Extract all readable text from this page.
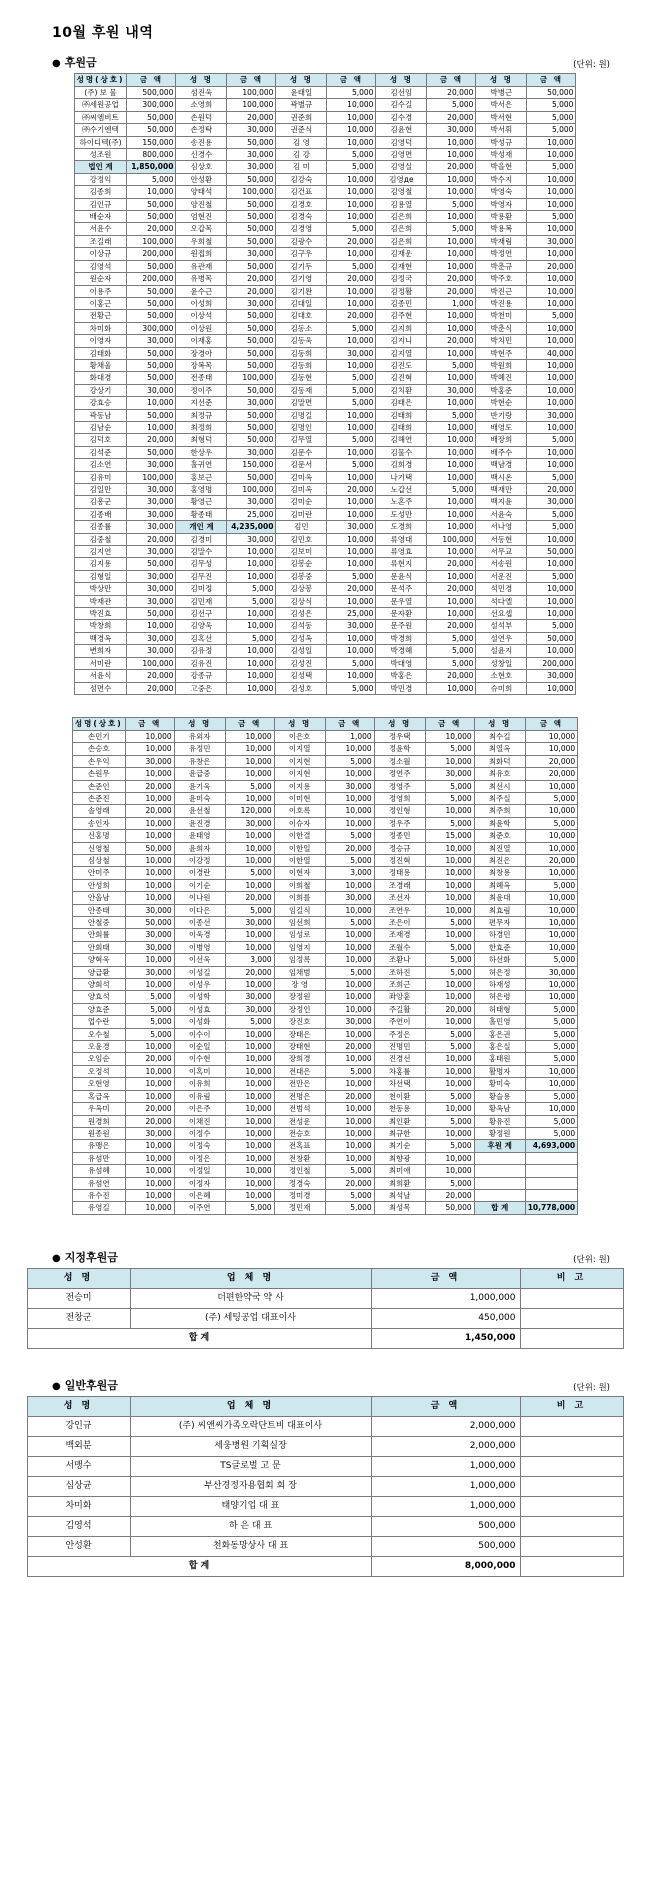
10월 후원 내역
● 후원금	(단위: 원)
성명(상호)	금 액	성 명	금 액	성 명	금 액	성 명	금 액	성 명	금 액
(주) 보 물	500,000	섬진욱	100,000	윤태일	5,000	김선임	20,000	박병근	50,000
㈜세원공업	300,000	소영희	100,000	곽별규	10,000	김수길	5,000	박서은	5,000
㈜씨엠비트	50,000	손원덕	20,000	권준희	10,000	김수경	20,000	박서현	5,000
㈜수기엔텍	50,000	손정탁	30,000	권준식	10,000	김윤현	30,000	박서휘	5,000
하이디텍(주)	150,000	송진용	50,000	김 영	10,000	김영덕	10,000	박성규	10,000
성조원	800,000	신경수	30,000	김 강	5,000	김영면	10,000	박성재	10,000
법인 계	1,850,000	심상호	30,000	김 미	5,000	김영실	20,000	박을현	5,000
강정익	5,000	안성환	50,000	김강숙	10,000	김영де	10,000	박수지	10,000
김종희	10,000	양태석	100,000	김건표	10,000	김영철	10,000	박영숙	10,000
김인규	50,000	양진철	50,000	김경호	10,000	김용열	5,000	박영자	10,000
배순자	50,000	엄현진	50,000	김경숙	10,000	김은희	10,000	박용환	5,000
서윤수	20,000	오갑목	50,000	김경영	5,000	김은희	5,000	박용복	10,000
조길래	100,000	우희철	50,000	김광수	20,000	김은희	10,000	박재림	30,000
이상규	200,000	원접희	30,000	김구우	10,000	김재운	10,000	박정연	10,000
김영석	50,000	유관재	50,000	김기두	5,000	김재현	10,000	박춘규	20,000
원순자	200,000	유병목	20,000	김기영	20,000	김정국	20,000	박주호	10,000
이용주	50,000	윤수근	20,000	김기완	10,000	김정활	20,000	박진근	10,000
이홍근	50,000	이성희	30,000	김대일	10,000	김종민	1,000	박진용	10,000
전황근	50,000	이상석	50,000	김대호	20,000	김주현	10,000	박천미	5,000
차미화	300,000	이상원	50,000	김동소	5,000	김지희	10,000	박춘식	10,000
이영자	30,000	이재홍	50,000	김동욱	10,000	김지니	20,000	박치민	10,000
김태화	50,000	장경아	50,000	김동희	30,000	김지열	10,000	박현주	40,000
황채울	50,000	장복목	50,000	김동희	10,000	김진도	5,000	박원희	10,000
화대경	50,000	전종태	100,000	김동현	5,000	김진혁	10,000	박혜진	10,000
강상기	30,000	정이주	50,000	김동재	5,000	김치환	30,000	박홍준	10,000
강효승	10,000	지선준	30,000	김말면	5,000	김태은	10,000	박현순	10,000
곽동남	50,000	최정규	50,000	김명길	10,000	김태희	5,000	반기랑	30,000
김남순	10,000	최정희	50,000	김명인	10,000	김태희	10,000	배영도	10,000
김덕호	20,000	최형덕	50,000	김무열	5,000	김해연	10,000	배장희	5,000
김석준	50,000	한상우	30,000	김문수	10,000	김물수	10,000	배주수	10,000
김소연	30,000	홀귀연	150,000	김문서	5,000	김희경	10,000	백남경	10,000
김유미	100,000	홍보근	50,000	김미옥	10,000	나기택	10,000	백시온	5,000
김일만	30,000	홍영명	100,000	김미옥	20,000	노갑선	5,000	백재만	20,000
김흥군	30,000	황영근	30,000	김미순	10,000	노혼주	10,000	백지윤	30,000
김종배	30,000	황종태	25,000	김미란	10,000	도성만	10,000	서윤숙	5,000
김종률	30,000	개인 계	4,235,000	김민	30,000	도경희	10,000	서나영	5,000
김중철	20,000	김경미	30,000	김민호	10,000	류영대	100,000	서동현	10,000
김지연	30,000	김말수	10,000	김보미	10,000	류영효	10,000	서무교	50,000
김지용	50,000	김무성	10,000	김봉순	10,000	류현지	20,000	서송원	10,000
김형일	30,000	김무진	10,000	김봉중	5,000	문윤식	10,000	서운진	5,000
박상만	30,000	김미정	5,000	김상봉	20,000	문석주	20,000	석민경	10,000
박재관	30,000	김민재	5,000	김상식	10,000	문우열	10,000	석다엘	10,000
박진효	50,000	김선구	10,000	김성은	25,000	문자환	10,000	선요셉	10,000
박창희	10,000	김양욱	10,000	김석동	30,000	문주원	20,000	설석부	5,000
백경옥	30,000	김혹선	5,000	김성옥	10,000	박경희	5,000	설연우	50,000
변희자	30,000	김유정	10,000	김성일	10,000	박경혜	5,000	설윤지	10,000
서미란	100,000	김유진	10,000	김성진	5,000	박대영	5,000	성창일	200,000
서윤식	20,000	강종규	10,000	김성택	10,000	박홍은	20,000	소현호	30,000
섬면수	20,000	고중은	10,000	김성호	5,000	박민경	10,000	슈미희	10,000
성명(상호)	금 액	성 명	금 액	성 명	금 액	성 명	금 액	성 명	금 액
손민기	10,000	유외자	10,000	이은호	1,000	정우택	10,000	최수길	10,000
손승호	10,000	유정민	10,000	이지열	10,000	정윤학	5,000	최열옥	10,000
손우익	30,000	유창은	10,000	이지현	5,000	정소월	10,000	최화덕	20,000
손원무	10,000	윤급중	10,000	이지현	10,000	정연주	30,000	최유호	20,000
손준인	20,000	윤기욱	5,000	이지용	30,000	정영주	5,000	최선시	10,000
손준진	10,000	윤미숙	10,000	이미현	10,000	정영희	5,000	최주실	5,000
솔영래	20,000	윤선철	120,000	이호록	10,000	정인형	10,000	최주희	10,000
송인자	10,000	윤진경	30,000	이슈자	10,000	정우주	5,000	최윤학	5,000
신홍명	10,000	윤태영	10,000	이한결	5,000	정종민	15,000	최준호	10,000
신영철	50,000	윤희자	10,000	이한일	20,000	정승규	10,000	최진열	10,000
심상철	10,000	이강정	10,000	이한열	5,000	정진혁	10,000	최진은	20,000
안미주	10,000	이경란	5,000	이현자	3,000	정태용	10,000	최창용	10,000
안성희	10,000	이기순	10,000	이희철	10,000	조경래	10,000	최혜옥	5,000
안올남	10,000	이나원	20,000	이희를	30,000	조선자	10,000	최윤대	10,000
안종태	30,000	이다은	5,000	임길식	10,000	조연우	10,000	최효림	10,000
안철중	50,000	이종선	30,000	임선희	5,000	조은이	5,000	편무자	10,000
안회률	30,000	이욱경	10,000	임성로	10,000	조재경	10,000	하경민	10,000
안회태	30,000	이병영	10,000	임영지	10,000	조월수	5,000	한효준	10,000
양혁욱	10,000	이선욱	3,000	임정록	10,000	조환나	5,000	하선화	5,000
양급환	30,000	이성길	20,000	임채범	5,000	조하진	5,000	허은정	30,000
양회석	10,000	이성우	10,000	장 영	10,000	조희근	10,000	하재성	10,000
양효석	5,000	이성학	30,000	장정원	10,000	좌앙훈	10,000	허은령	10,000
양효준	5,000	이성효	30,000	장정인	10,000	주길활	20,000	허태형	5,000
업수란	5,000	이성화	5,000	장진호	30,000	주연이	10,000	홀민영	5,000
오수철	5,000	이수이	10,000	장태은	10,000	주정은	5,000	홍은권	5,000
오윤경	10,000	이순일	10,000	장태현	20,000	진명민	5,000	홍은실	5,000
오임순	20,000	이수현	10,000	장희경	10,000	진경선	10,000	홍태원	5,000
오정석	10,000	이혹미	10,000	전대은	5,000	차홍률	10,000	활명자	10,000
오현영	10,000	이유희	10,000	전만은	10,000	차선택	10,000	황미숙	10,000
혹급옥	10,000	이유림	10,000	전명은	20,000	천이환	5,000	황슬용	5,000
우옥미	20,000	이은주	10,000	전범석	10,000	천동용	10,000	황옥남	10,000
원경희	20,000	이채진	10,000	전성운	10,000	최인환	5,000	황유진	5,000
원종원	30,000	이정수	10,000	전승호	10,000	최규한	10,000	황정원	5,000
유맹은	10,000	이정숙	10,000	전혹표	10,000	최기순	5,000	후원 계	4,693,000
유섬만	10,000	이정은	10,000	전창환	10,000	최향광	10,000		
유섬혜	10,000	이정일	10,000	정인철	5,000	최미애	10,000		
유섬연	10,000	이정자	10,000	정경숙	20,000	최희환	5,000		
유수진	10,000	이은혜	10,000	정미경	5,000	최석날	20,000		
유영길	10,000	이주연	5,000	정민재	5,000	최성목	50,000	합 계	10,778,000
● 지정후원금	(단위: 원)
성 명	업 체 명	금 액	비 고
전승미	더편한약국 약 사	1,000,000	
전창군	(주) 세팅공업 대표이사	450,000	
합 계		1,450,000	
● 일반후원금	(단위: 원)
성 명	업 체 명	금 액	비 고
강인규	(주) 씨앤씨가족오락단트비 대표이사	2,000,000	
백외분	세웅병원 기획실장	2,000,000	
서맹수	TS글로벌 고 문	1,000,000	
심상균	부산경정자용협회 회 장	1,000,000	
차미화	태양기업 대 표	1,000,000	
김영석	하 은 대 표	500,000	
안성환	천화동망상사 대 표	500,000	
합 계		8,000,000	
